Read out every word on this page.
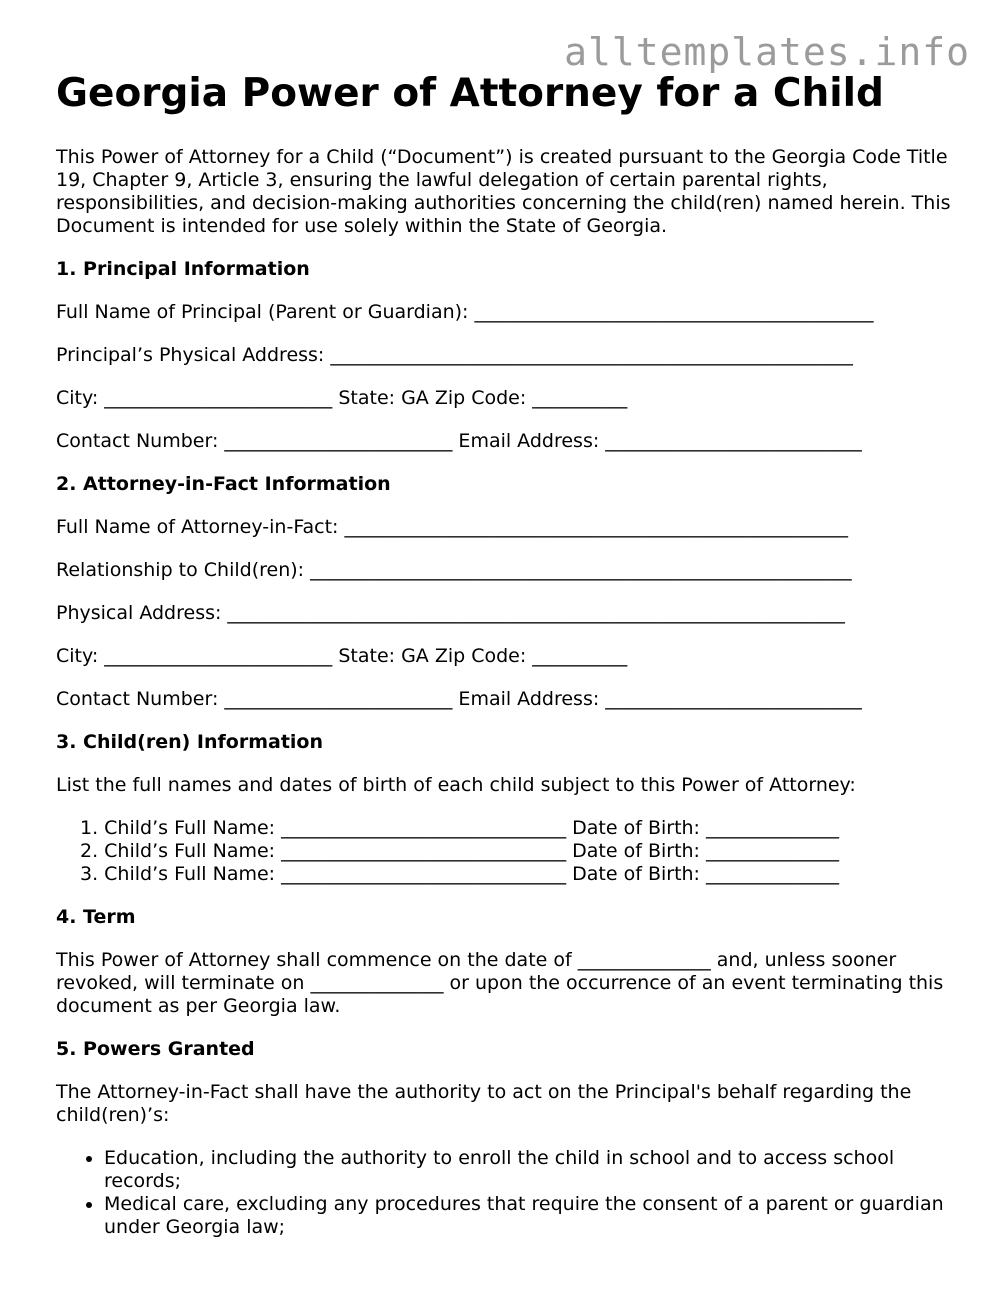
alltemplates.info
Georgia Power of Attorney for a Child

This Power of Attorney for a Child (“Document”) is created pursuant to the Georgia Code Title 19, Chapter 9, Article 3, ensuring the lawful delegation of certain parental rights, responsibilities, and decision-making authorities concerning the child(ren) named herein. This Document is intended for use solely within the State of Georgia.

1. Principal Information
Full Name of Principal (Parent or Guardian): __________________________________________
Principal’s Physical Address: _______________________________________________________
City: ________________________ State: GA Zip Code: __________
Contact Number: ________________________ Email Address: ___________________________
2. Attorney-in-Fact Information
Full Name of Attorney-in-Fact: _____________________________________________________
Relationship to Child(ren): _________________________________________________________
Physical Address: _________________________________________________________________
City: ________________________ State: GA Zip Code: __________
Contact Number: ________________________ Email Address: ___________________________
3. Child(ren) Information
List the full names and dates of birth of each child subject to this Power of Attorney:
1. Child’s Full Name: ______________________________ Date of Birth: ______________
2. Child’s Full Name: ______________________________ Date of Birth: ______________
3. Child’s Full Name: ______________________________ Date of Birth: ______________
4. Term

This Power of Attorney shall commence on the date of ______________ and, unless sooner revoked, will terminate on ______________ or upon the occurrence of an event terminating this document as per Georgia law.

5. Powers Granted

The Attorney-in-Fact shall have the authority to act on the Principal's behalf regarding the child(ren)’s:

• Education, including the authority to enroll the child in school and to access school records;
• Medical care, excluding any procedures that require the consent of a parent or guardian under Georgia law;
